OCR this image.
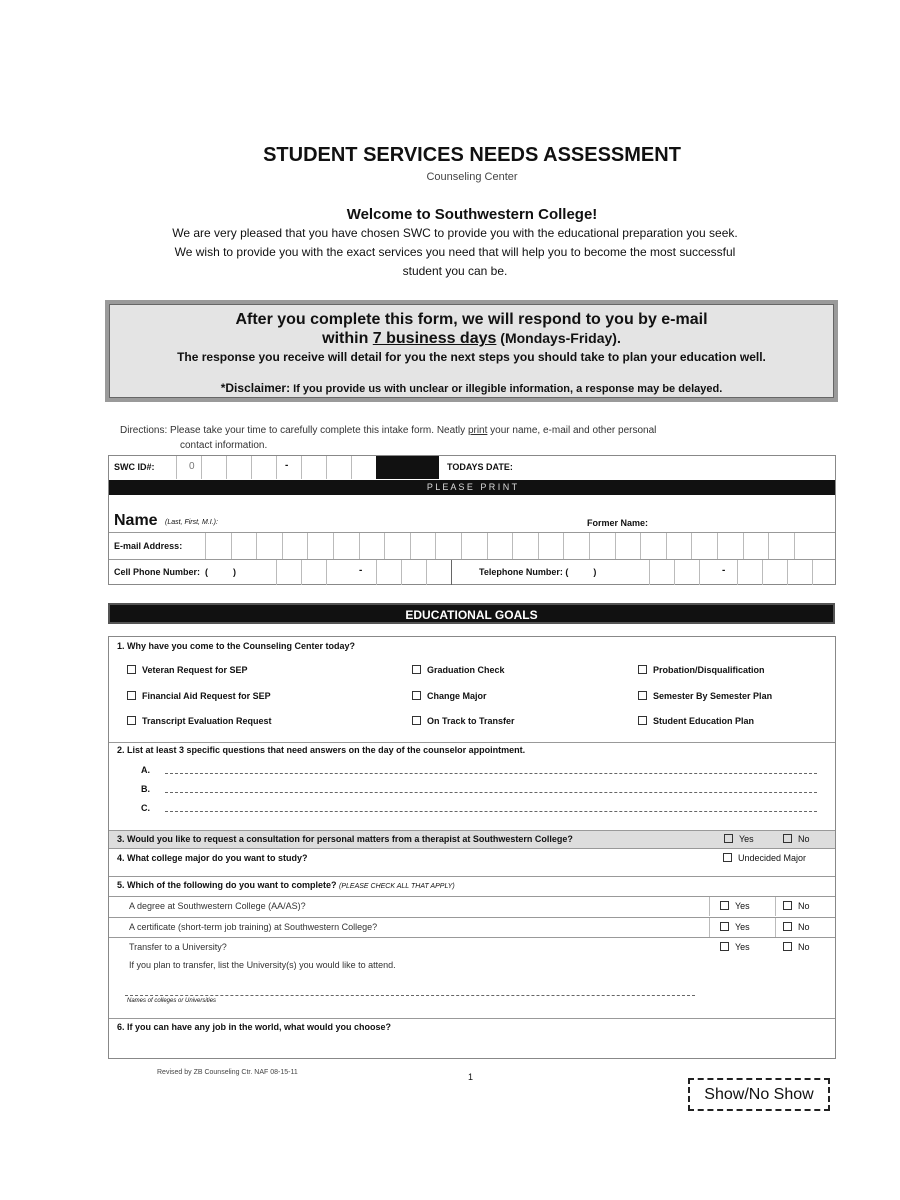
STUDENT SERVICES NEEDS ASSESSMENT
Counseling Center
Welcome to Southwestern College!
We are very pleased that you have chosen SWC to provide you with the educational preparation you seek.
We wish to provide you with the exact services you need that will help you to become the most successful
student you can be.
After you complete this form, we will respond to you by e-mail
within 7 business days (Mondays-Friday).
The response you receive will detail for you the next steps you should take to plan your education well.
*Disclaimer: If you provide us with unclear or illegible information, a response may be delayed.
Directions: Please take your time to carefully complete this intake form. Neatly print your name, e-mail and other personal
contact information.
SWC ID#:	0	-	TODAYS DATE:
P L E A S E   P R I N T
Name (Last, First, M.I.):	Former Name:
E-mail Address:
Cell Phone Number:  (          )	-	Telephone Number: (          )	-
EDUCATIONAL GOALS
1. Why have you come to the Counseling Center today?
Veteran Request for SEP	Graduation Check	Probation/Disqualification
Financial Aid Request for SEP	Change Major	Semester By Semester Plan
Transcript Evaluation Request	On Track to Transfer	Student Education Plan
2. List at least 3 specific questions that need answers on the day of the counselor appointment.
A.
B.
C.
3. Would you like to request a consultation for personal matters from a therapist at Southwestern College?	Yes	No
4. What college major do you want to study?	Undecided Major
5. Which of the following do you want to complete? (PLEASE CHECK ALL THAT APPLY)
A degree at Southwestern College (AA/AS)?	Yes	No
A certificate (short-term job training) at Southwestern College?	Yes	No
Transfer to a University?	Yes	No
If you plan to transfer, list the University(s) you would like to attend.
Names of colleges or Universities
6. If you can have any job in the world, what would you choose?
Revised by ZB Counseling Ctr. NAF 08-15-11	1
Show/No Show
